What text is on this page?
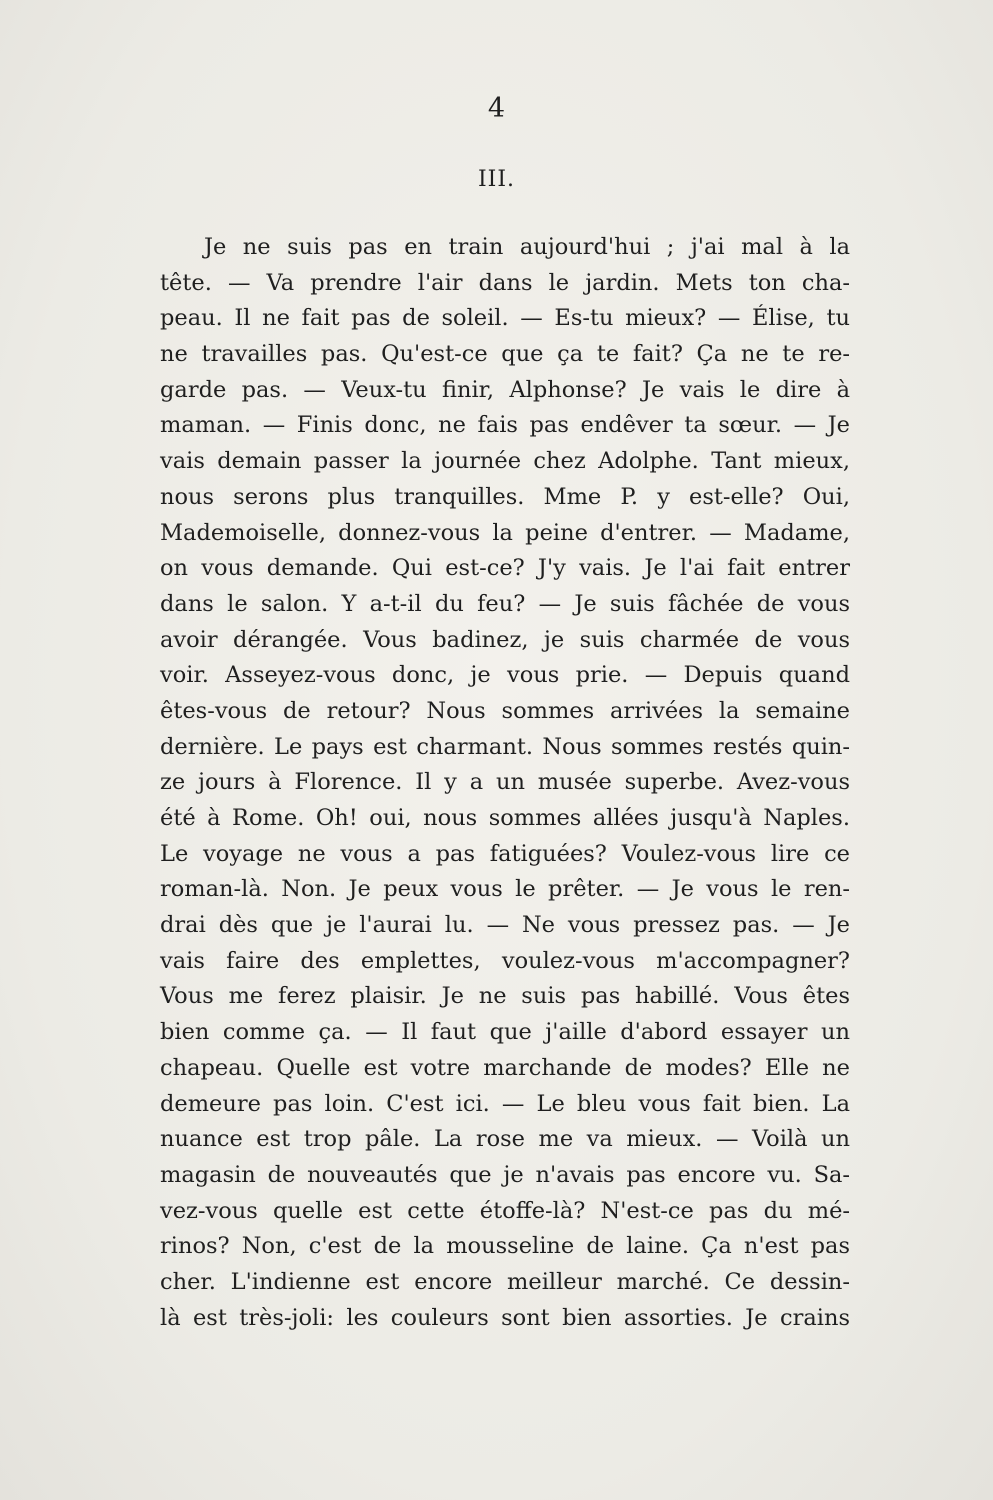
4
III.
Je ne suis pas en train aujourd'hui ; j'ai mal à la
tête. — Va prendre l'air dans le jardin. Mets ton cha-
peau. Il ne fait pas de soleil. — Es-tu mieux? — Élise, tu
ne travailles pas. Qu'est-ce que ça te fait? Ça ne te re-
garde pas. — Veux-tu finir, Alphonse? Je vais le dire à
maman. — Finis donc, ne fais pas endêver ta sœur. — Je
vais demain passer la journée chez Adolphe. Tant mieux,
nous serons plus tranquilles. Mme P. y est-elle? Oui,
Mademoiselle, donnez-vous la peine d'entrer. — Madame,
on vous demande. Qui est-ce? J'y vais. Je l'ai fait entrer
dans le salon. Y a-t-il du feu? — Je suis fâchée de vous
avoir dérangée. Vous badinez, je suis charmée de vous
voir. Asseyez-vous donc, je vous prie. — Depuis quand
êtes-vous de retour? Nous sommes arrivées la semaine
dernière. Le pays est charmant. Nous sommes restés quin-
ze jours à Florence. Il y a un musée superbe. Avez-vous
été à Rome. Oh! oui, nous sommes allées jusqu'à Naples.
Le voyage ne vous a pas fatiguées? Voulez-vous lire ce
roman-là. Non. Je peux vous le prêter. — Je vous le ren-
drai dès que je l'aurai lu. — Ne vous pressez pas. — Je
vais faire des emplettes, voulez-vous m'accompagner?
Vous me ferez plaisir. Je ne suis pas habillé. Vous êtes
bien comme ça. — Il faut que j'aille d'abord essayer un
chapeau. Quelle est votre marchande de modes? Elle ne
demeure pas loin. C'est ici. — Le bleu vous fait bien. La
nuance est trop pâle. La rose me va mieux. — Voilà un
magasin de nouveautés que je n'avais pas encore vu. Sa-
vez-vous quelle est cette étoffe-là? N'est-ce pas du mé-
rinos? Non, c'est de la mousseline de laine. Ça n'est pas
cher. L'indienne est encore meilleur marché. Ce dessin-
là est très-joli: les couleurs sont bien assorties. Je crains
